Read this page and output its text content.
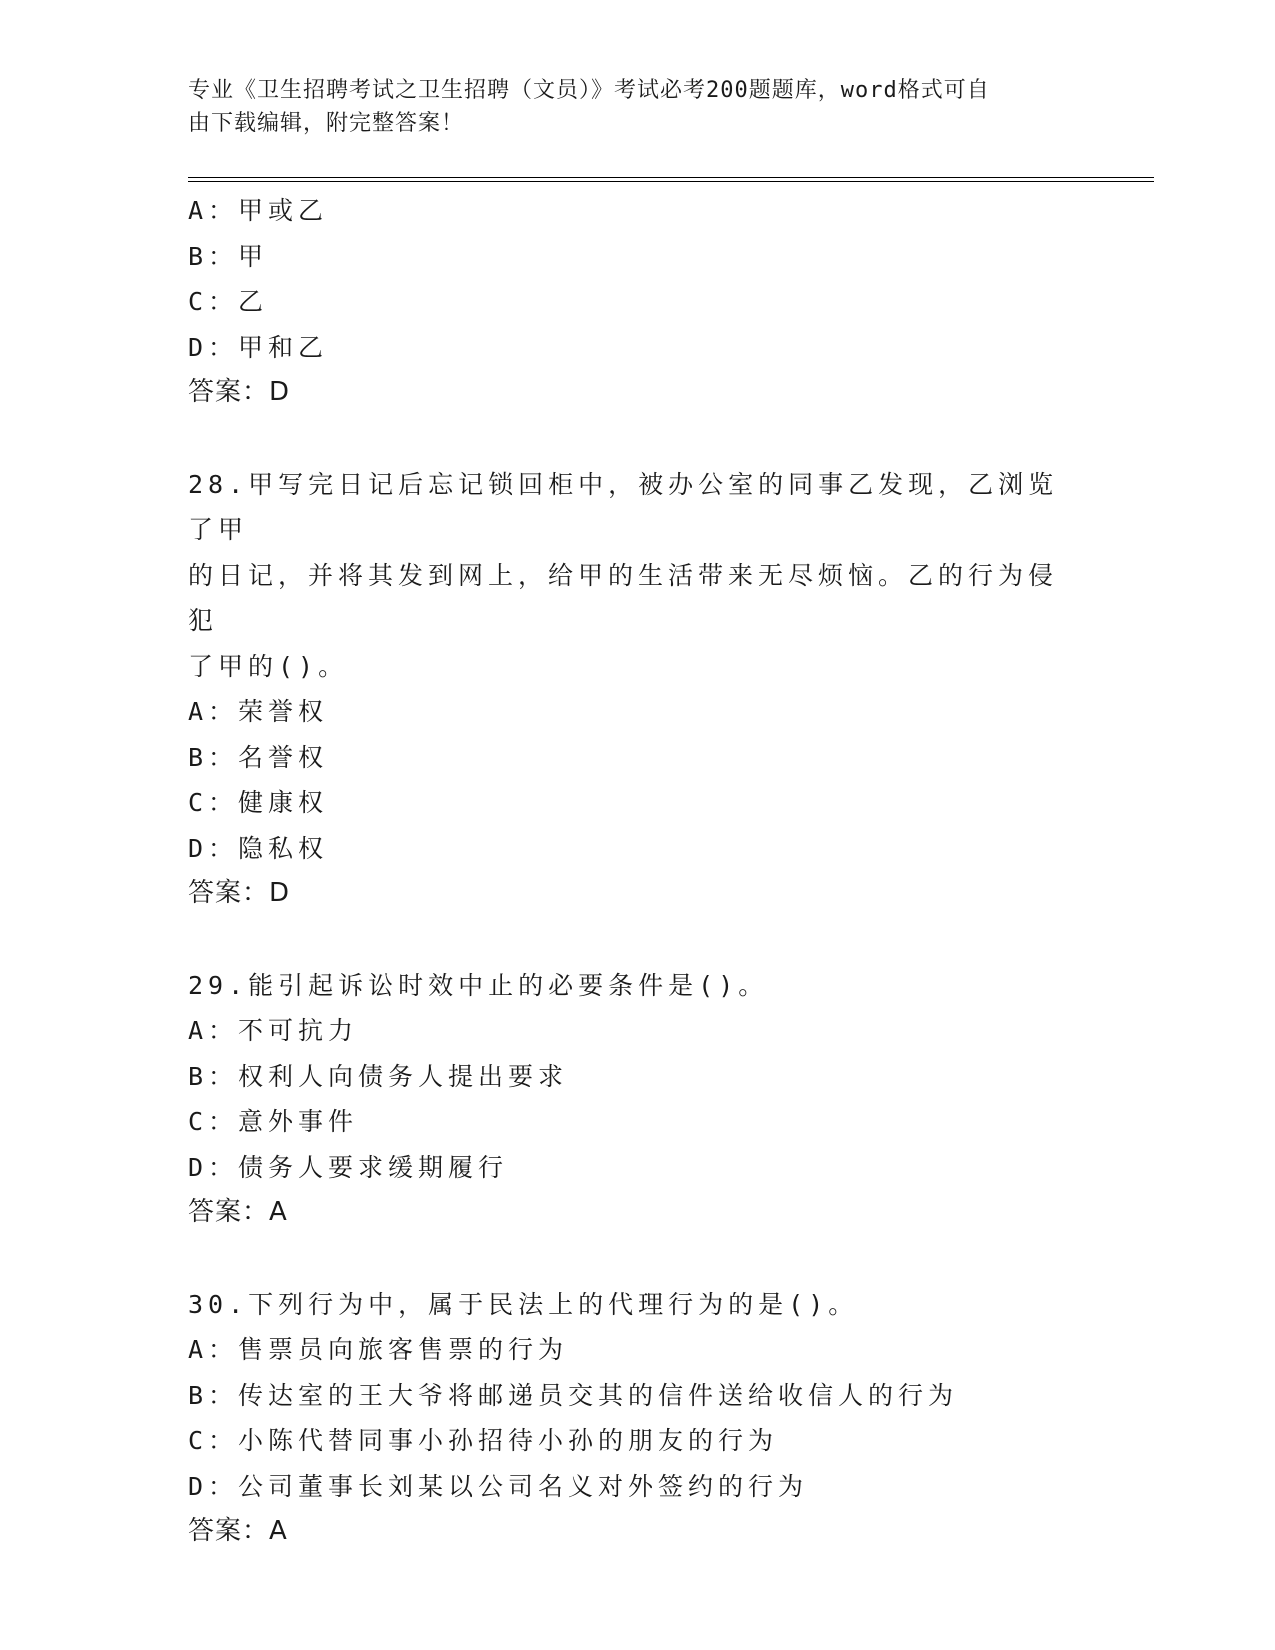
专业《卫生招聘考试之卫生招聘（文员）》考试必考200题题库，word格式可自
由下载编辑，附完整答案！
A：甲或乙
B：甲
C：乙
D：甲和乙
答案：D
28.甲写完日记后忘记锁回柜中，被办公室的同事乙发现，乙浏览了甲
的日记，并将其发到网上，给甲的生活带来无尽烦恼。乙的行为侵犯
了甲的()。
A：荣誉权
B：名誉权
C：健康权
D：隐私权
答案：D
29.能引起诉讼时效中止的必要条件是()。
A：不可抗力
B：权利人向债务人提出要求
C：意外事件
D：债务人要求缓期履行
答案：A
30.下列行为中，属于民法上的代理行为的是()。
A：售票员向旅客售票的行为
B：传达室的王大爷将邮递员交其的信件送给收信人的行为
C：小陈代替同事小孙招待小孙的朋友的行为
D：公司董事长刘某以公司名义对外签约的行为
答案：A
